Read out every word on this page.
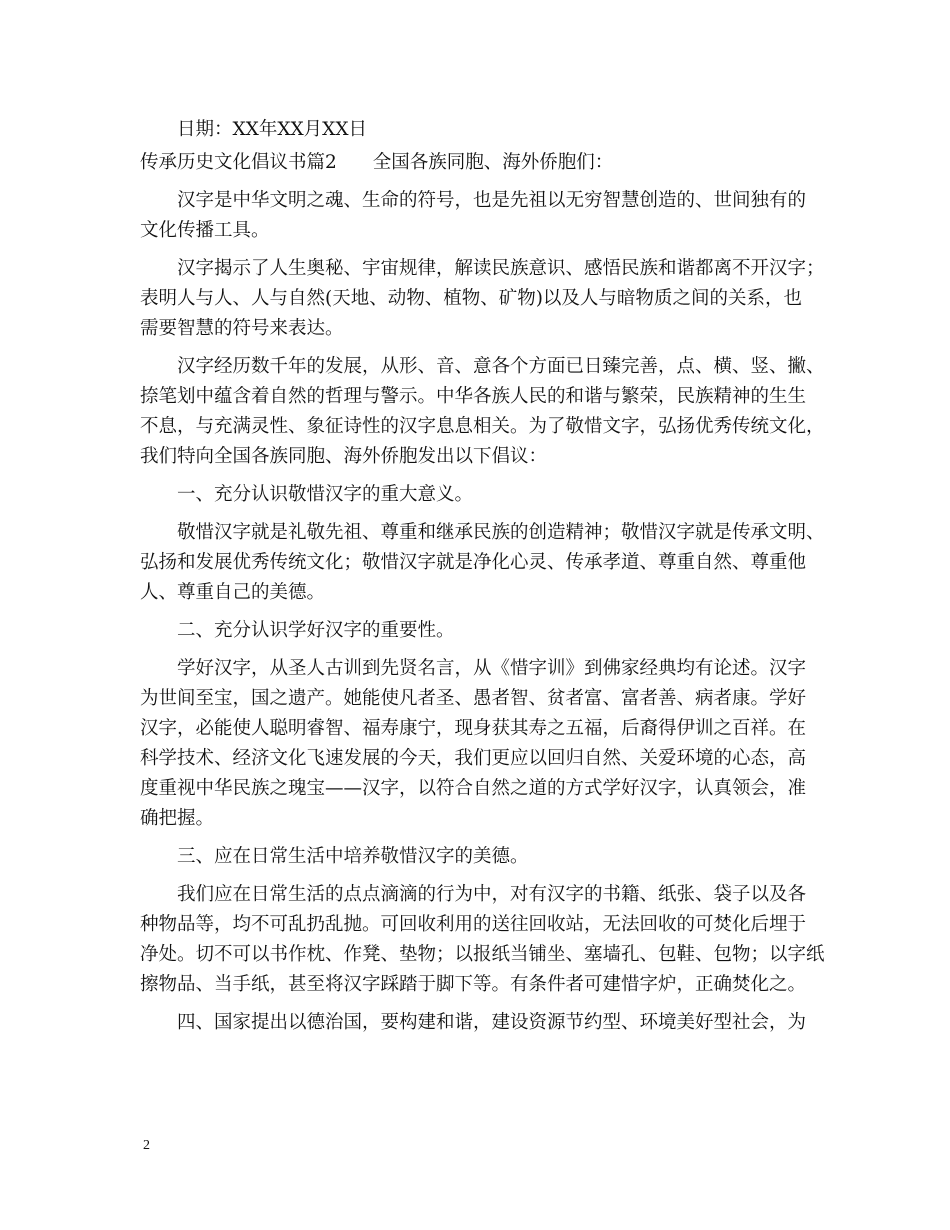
日期：XX年XX月XX日

传承历史文化倡议书篇2 全国各族同胞、海外侨胞们：

汉字是中华文明之魂、生命的符号，也是先祖以无穷智慧创造的、世间独有的

文化传播工具。

汉字揭示了人生奥秘、宇宙规律，解读民族意识、感悟民族和谐都离不开汉字；

表明人与人、人与自然(天地、动物、植物、矿物)以及人与暗物质之间的关系，也

需要智慧的符号来表达。

汉字经历数千年的发展，从形、音、意各个方面已日臻完善，点、横、竖、撇、

捺笔划中蕴含着自然的哲理与警示。中华各族人民的和谐与繁荣，民族精神的生生

不息，与充满灵性、象征诗性的汉字息息相关。为了敬惜文字，弘扬优秀传统文化，

我们特向全国各族同胞、海外侨胞发出以下倡议：

一、充分认识敬惜汉字的重大意义。

敬惜汉字就是礼敬先祖、尊重和继承民族的创造精神；敬惜汉字就是传承文明、

弘扬和发展优秀传统文化；敬惜汉字就是净化心灵、传承孝道、尊重自然、尊重他

人、尊重自己的美德。

二、充分认识学好汉字的重要性。

学好汉字，从圣人古训到先贤名言，从《惜字训》到佛家经典均有论述。汉字

为世间至宝，国之遗产。她能使凡者圣、愚者智、贫者富、富者善、病者康。学好

汉字，必能使人聪明睿智、福寿康宁，现身获其寿之五福，后裔得伊训之百祥。在

科学技术、经济文化飞速发展的今天，我们更应以回归自然、关爱环境的心态，高

度重视中华民族之瑰宝——汉字，以符合自然之道的方式学好汉字，认真领会，准

确把握。

三、应在日常生活中培养敬惜汉字的美德。

我们应在日常生活的点点滴滴的行为中，对有汉字的书籍、纸张、袋子以及各

种物品等，均不可乱扔乱抛。可回收利用的送往回收站，无法回收的可焚化后埋于

净处。切不可以书作枕、作凳、垫物；以报纸当铺坐、塞墙孔、包鞋、包物；以字纸

擦物品、当手纸，甚至将汉字踩踏于脚下等。有条件者可建惜字炉，正确焚化之。

四、国家提出以德治国，要构建和谐，建设资源节约型、环境美好型社会，为

2
